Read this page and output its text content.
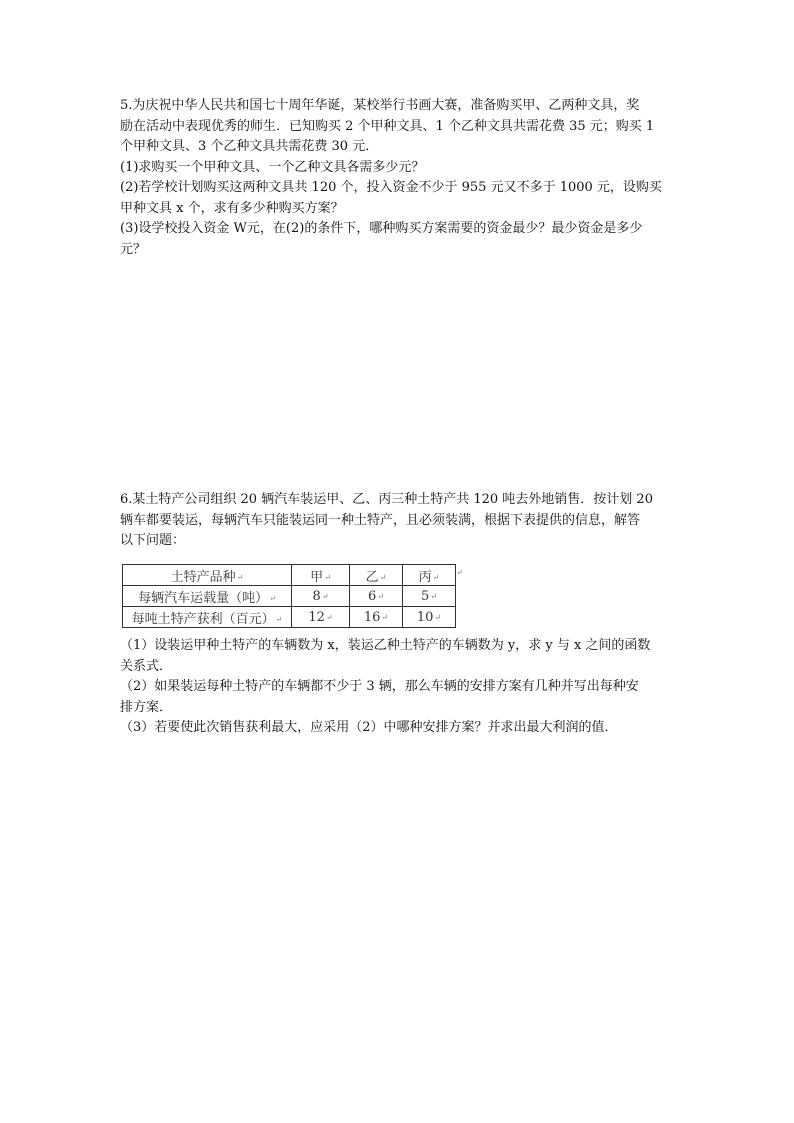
5.为庆祝中华人民共和国七十周年华诞，某校举行书画大赛，准备购买甲、乙两种文具，奖
励在活动中表现优秀的师生．已知购买 2 个甲种文具、1 个乙种文具共需花费 35 元；购买 1
个甲种文具、3 个乙种文具共需花费 30 元．
(1)求购买一个甲种文具、一个乙种文具各需多少元？
(2)若学校计划购买这两种文具共 120 个，投入资金不少于 955 元又不多于 1000 元，设购买
甲种文具 x 个，求有多少种购买方案？
(3)设学校投入资金 W元，在(2)的条件下，哪种购买方案需要的资金最少？最少资金是多少
元？
6.某土特产公司组织 20 辆汽车装运甲、乙、丙三种土特产共 120 吨去外地销售．按计划 20
辆车都要装运，每辆汽车只能装运同一种土特产，且必须装满，根据下表提供的信息，解答
以下问题：
土特产品种 ↵	甲 ↵	乙 ↵	丙 ↵
每辆汽车运载量（吨） ↵	8 ↵	6 ↵	5 ↵
每吨土特产获利（百元） ↵	12 ↵	16 ↵	10 ↵
↵
（1）设装运甲种土特产的车辆数为 x，装运乙种土特产的车辆数为 y，求 y 与 x 之间的函数
关系式．
（2）如果装运每种土特产的车辆都不少于 3 辆，那么车辆的安排方案有几种并写出每种安
排方案．
（3）若要使此次销售获利最大，应采用（2）中哪种安排方案？并求出最大利润的值．
